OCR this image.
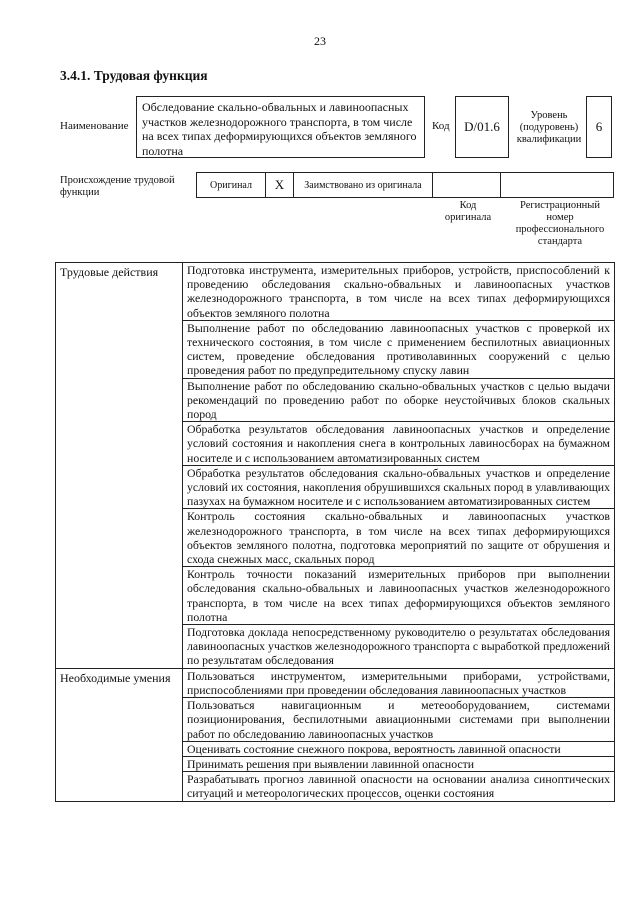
23
3.4.1. Трудовая функция
Наименование
Обследование скально-обвальных и лавиноопасных участков железнодорожного транспорта, в том числе на всех типах деформирующихся объектов земляного полотна
Код	D/01.6
Уровень (подуровень) квалификации
6
Происхождение трудовой функции
Оригинал	X	Заимствовано из оригинала
Код оригинала
Регистрационный номер профессионального стандарта
Трудовые действия	Подготовка инструмента, измерительных приборов, устройств, приспособлений к проведению обследования скально-обвальных и лавиноопасных участков железнодорожного транспорта, в том числе на всех типах деформирующихся объектов земляного полотна
	Выполнение работ по обследованию лавиноопасных участков с проверкой их технического состояния, в том числе с применением беспилотных авиационных систем, проведение обследования противолавинных сооружений с целью проведения работ по предупредительному спуску лавин
	Выполнение работ по обследованию скально-обвальных участков с целью выдачи рекомендаций по проведению работ по оборке неустойчивых блоков скальных пород
	Обработка результатов обследования лавиноопасных участков и определение условий состояния и накопления снега в контрольных лавиносборах на бумажном носителе и с использованием автоматизированных систем
	Обработка результатов обследования скально-обвальных участков и определение условий их состояния, накопления обрушившихся скальных пород в улавливающих пазухах на бумажном носителе и с использованием автоматизированных систем
	Контроль состояния скально-обвальных и лавиноопасных участков железнодорожного транспорта, в том числе на всех типах деформирующихся объектов земляного полотна, подготовка мероприятий по защите от обрушения и схода снежных масс, скальных пород
	Контроль точности показаний измерительных приборов при выполнении обследования скально-обвальных и лавиноопасных участков железнодорожного транспорта, в том числе на всех типах деформирующихся объектов земляного полотна
	Подготовка доклада непосредственному руководителю о результатах обследования лавиноопасных участков железнодорожного транспорта с выработкой предложений по результатам обследования
Необходимые умения	Пользоваться инструментом, измерительными приборами, устройствами, приспособлениями при проведении обследования лавиноопасных участков
	Пользоваться навигационным и метеооборудованием, системами позиционирования, беспилотными авиационными системами при выполнении работ по обследованию лавиноопасных участков
	Оценивать состояние снежного покрова, вероятность лавинной опасности
	Принимать решения при выявлении лавинной опасности
	Разрабатывать прогноз лавинной опасности на основании анализа синоптических ситуаций и метеорологических процессов, оценки состояния
